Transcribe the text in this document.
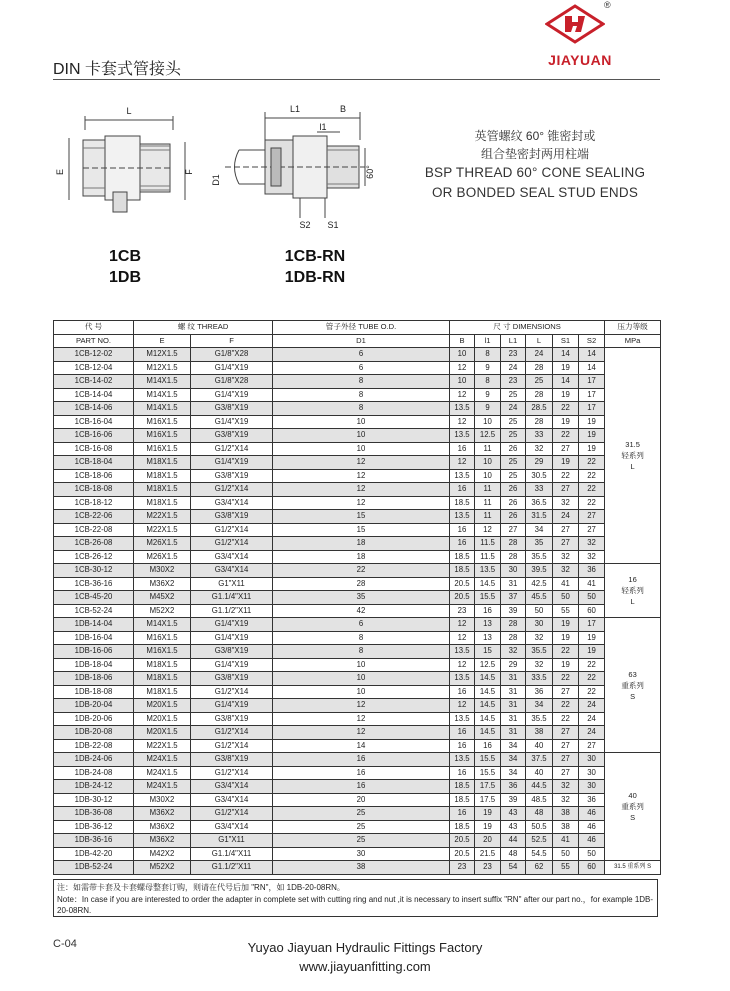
®
JIAYUAN
DIN 卡套式管接头
L
E	F
L1	B
l1
D1
60°
S2 S1
1CB
1DB
1CB-RN
1DB-RN
英管螺纹 60° 锥密封或
组合垫密封两用柱端
BSP THREAD 60° CONE SEALING
OR BONDED SEAL STUD ENDS
代 号	螺 纹 THREAD		管子外径 TUBE O.D.	尺 寸 DIMENSIONS						压力等级
PART NO.	E	F	D1	B	l1	L1	L	S1	S2	MPa
1CB-12-02	M12X1.5	G1/8"X28	6	10	8	23	24	14	14	31.5
轻系列
L

1CB-12-04	M12X1.5	G1/4"X19	6	12	9	24	28	19	14	
1CB-14-02	M14X1.5	G1/8"X28	8	10	8	23	25	14	17	
1CB-14-04	M14X1.5	G1/4"X19	8	12	9	25	28	19	17	
1CB-14-06	M14X1.5	G3/8"X19	8	13.5	9	24	28.5	22	17	
1CB-16-04	M16X1.5	G1/4"X19	10	12	10	25	28	19	19	
1CB-16-06	M16X1.5	G3/8"X19	10	13.5	12.5	25	33	22	19	
1CB-16-08	M16X1.5	G1/2"X14	10	16	11	26	32	27	19	
1CB-18-04	M18X1.5	G1/4"X19	12	12	10	25	29	19	22	
1CB-18-06	M18X1.5	G3/8"X19	12	13.5	10	25	30.5	22	22	
1CB-18-08	M18X1.5	G1/2"X14	12	16	11	26	33	27	22	
1CB-18-12	M18X1.5	G3/4"X14	12	18.5	11	26	36.5	32	22	
1CB-22-06	M22X1.5	G3/8"X19	15	13.5	11	26	31.5	24	27	
1CB-22-08	M22X1.5	G1/2"X14	15	16	12	27	34	27	27	
1CB-26-08	M26X1.5	G1/2"X14	18	16	11.5	28	35	27	32	
1CB-26-12	M26X1.5	G3/4"X14	18	18.5	11.5	28	35.5	32	32	
1CB-30-12	M30X2	G3/4"X14	22	18.5	13.5	30	39.5	32	36	16
轻系列
L

1CB-36-16	M36X2	G1"X11	28	20.5	14.5	31	42.5	41	41	
1CB-45-20	M45X2	G1.1/4"X11	35	20.5	15.5	37	45.5	50	50	
1CB-52-24	M52X2	G1.1/2"X11	42	23	16	39	50	55	60	
1DB-14-04	M14X1.5	G1/4"X19	6	12	13	28	30	19	17	63
重系列
S

1DB-16-04	M16X1.5	G1/4"X19	8	12	13	28	32	19	19	
1DB-16-06	M16X1.5	G3/8"X19	8	13.5	15	32	35.5	22	19	
1DB-18-04	M18X1.5	G1/4"X19	10	12	12.5	29	32	19	22	
1DB-18-06	M18X1.5	G3/8"X19	10	13.5	14.5	31	33.5	22	22	
1DB-18-08	M18X1.5	G1/2"X14	10	16	14.5	31	36	27	22	
1DB-20-04	M20X1.5	G1/4"X19	12	12	14.5	31	34	22	24	
1DB-20-06	M20X1.5	G3/8"X19	12	13.5	14.5	31	35.5	22	24	
1DB-20-08	M20X1.5	G1/2"X14	12	16	14.5	31	38	27	24	
1DB-22-08	M22X1.5	G1/2"X14	14	16	16	34	40	27	27	
1DB-24-06	M24X1.5	G3/8"X19	16	13.5	15.5	34	37.5	27	30	40
重系列
S

1DB-24-08	M24X1.5	G1/2"X14	16	16	15.5	34	40	27	30	
1DB-24-12	M24X1.5	G3/4"X14	16	18.5	17.5	36	44.5	32	30	
1DB-30-12	M30X2	G3/4"X14	20	18.5	17.5	39	48.5	32	36	
1DB-36-08	M36X2	G1/2"X14	25	16	19	43	48	38	46	
1DB-36-12	M36X2	G3/4"X14	25	18.5	19	43	50.5	38	46	
1DB-36-16	M36X2	G1"X11	25	20.5	20	44	52.5	41	46	
1DB-42-20	M42X2	G1.1/4"X11	30	20.5	21.5	48	54.5	50	50	
1DB-52-24	M52X2	G1.1/2"X11	38	23	23	54	62	55	60	31.5 重系列 S
注：如需带卡套及卡套螺母整套订购，则请在代号后加 "RN"，如 1DB-20-08RN。
Note：In case if you are interested to order the adapter in complete set with cutting ring and nut ,it is necessary to insert suffix "RN" after our part no.，for example 1DB-20-08RN.
C-04	Yuyao Jiayuan Hydraulic Fittings Factory
www.jiayuanfitting.com
